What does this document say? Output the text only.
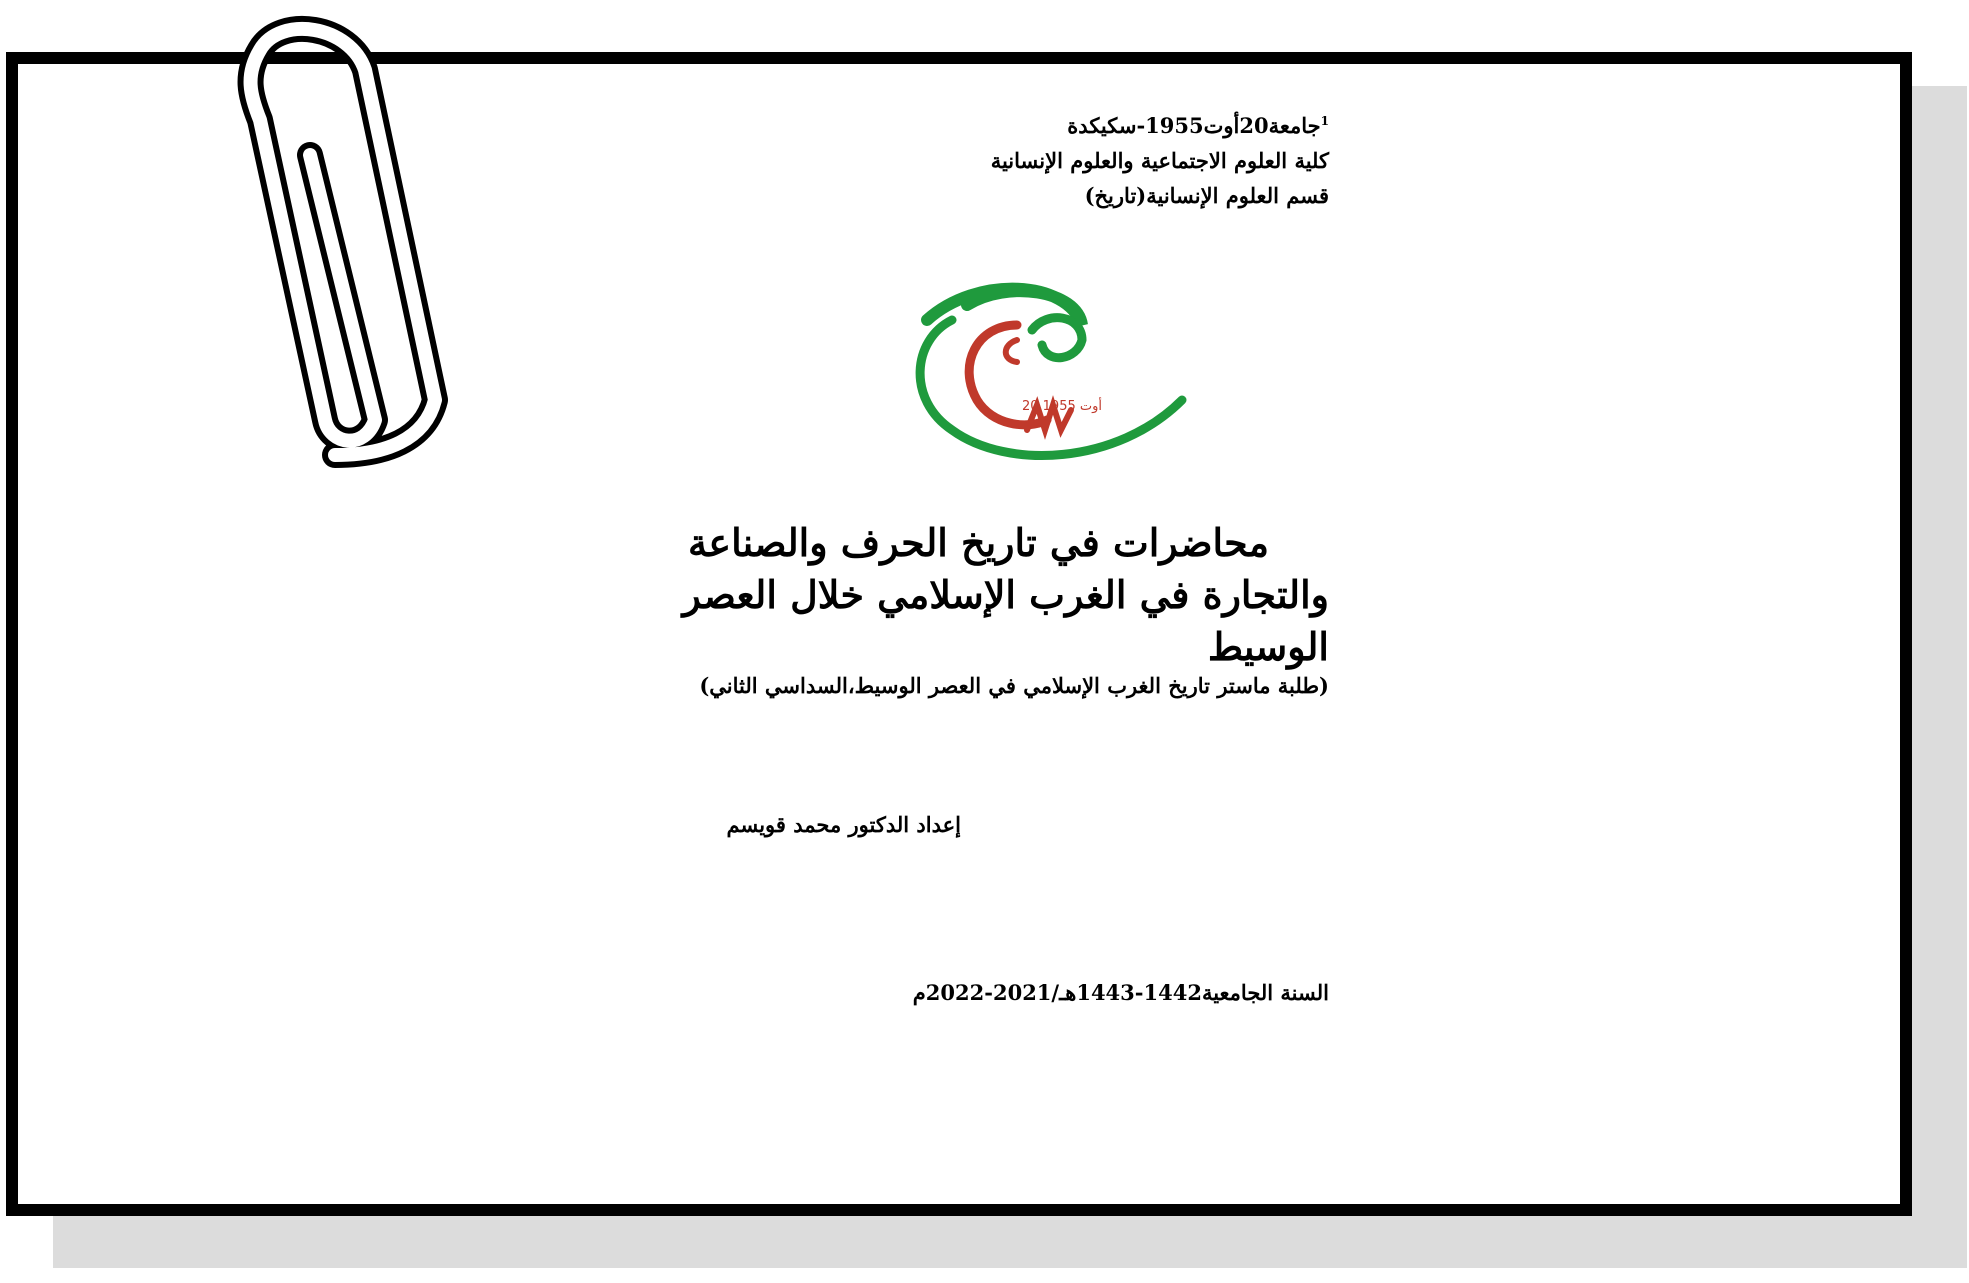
$^1$جامعة20أوت1955-سكيكدة
كلية العلوم الاجتماعية والعلوم الإنسانية
قسم العلوم الإنسانية(تاريخ)
20 أوت 1955
محاضرات في تاريخ الحرف والصناعة
والتجارة في الغرب الإسلامي خلال العصر
الوسيط
(طلبة ماستر تاريخ الغرب الإسلامي في العصر الوسيط،السداسي الثاني)
إعداد الدكتور محمد قويسم
السنة الجامعية1442-1443هـ/2021-2022م
